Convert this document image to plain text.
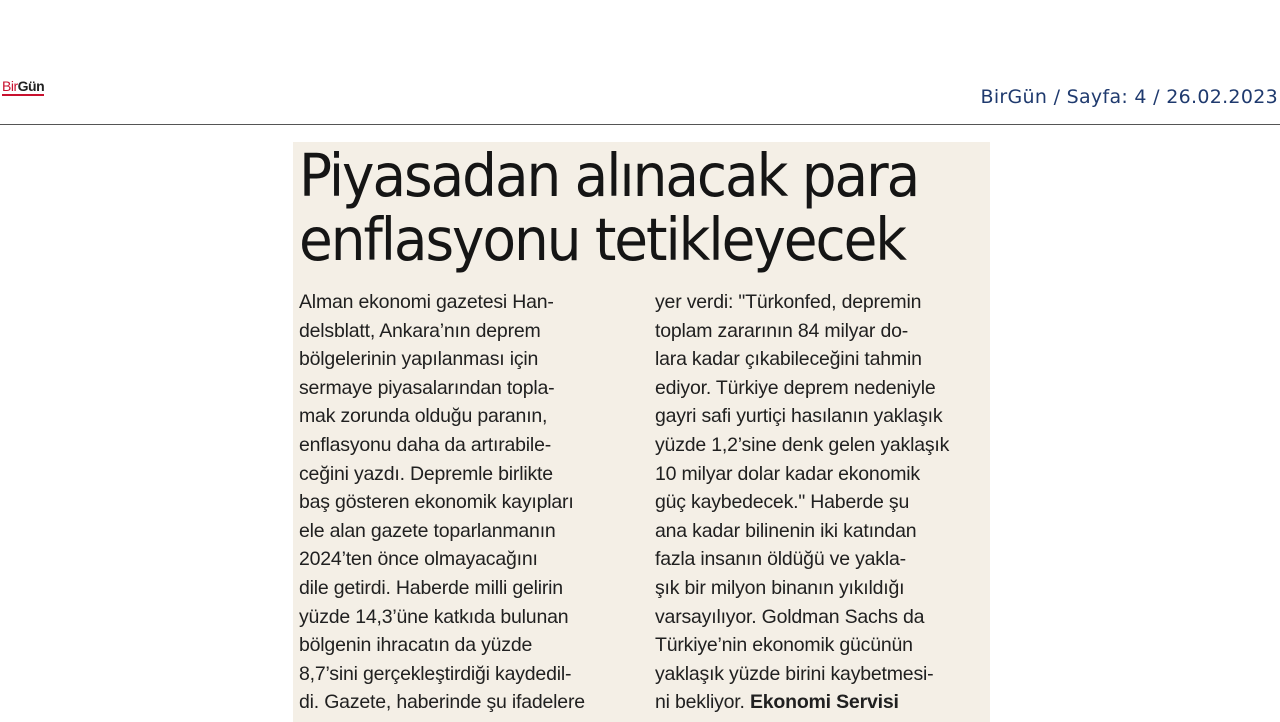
BirGün	BirGün / Sayfa: 4 / 26.02.2023
Piyasadan alınacak para
enflasyonu tetikleyecek
Alman ekonomi gazetesi Han-
delsblatt, Ankara’nın deprem
bölgelerinin yapılanması için
sermaye piyasalarından topla-
mak zorunda olduğu paranın,
enflasyonu daha da artırabile-
ceğini yazdı. Depremle birlikte
baş gösteren ekonomik kayıpları
ele alan gazete toparlanmanın
2024’ten önce olmayacağını
dile getirdi. Haberde milli gelirin
yüzde 14,3’üne katkıda bulunan
bölgenin ihracatın da yüzde
8,7’sini gerçekleştirdiği kaydedil-
di. Gazete, haberinde şu ifadelere
yer verdi: "Türkonfed, depremin
toplam zararının 84 milyar do-
lara kadar çıkabileceğini tahmin
ediyor. Türkiye deprem nedeniyle
gayri safi yurtiçi hasılanın yaklaşık
yüzde 1,2’sine denk gelen yaklaşık
10 milyar dolar kadar ekonomik
güç kaybedecek." Haberde şu
ana kadar bilinenin iki katından
fazla insanın öldüğü ve yakla-
şık bir milyon binanın yıkıldığı
varsayılıyor. Goldman Sachs da
Türkiye’nin ekonomik gücünün
yaklaşık yüzde birini kaybetmesi-
ni bekliyor. Ekonomi Servisi
